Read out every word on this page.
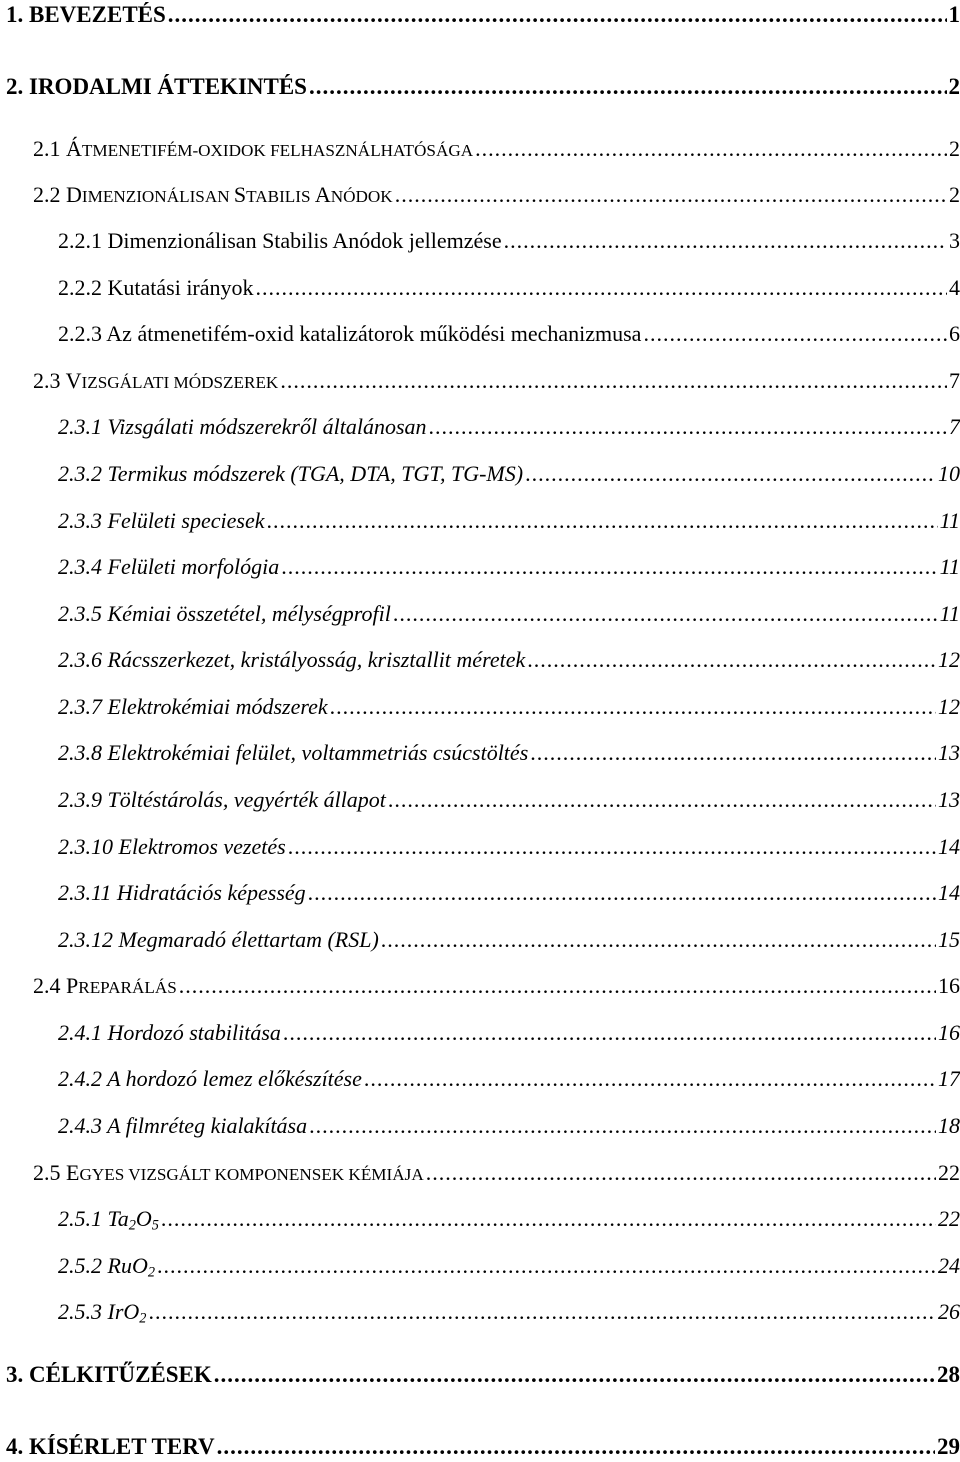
1. BEVEZETÉS .....	1
2. IRODALMI ÁTTEKINTÉS .....	2
2.1 ÁTMENETIFÉM-OXIDOK FELHASZNÁLHATÓSÁGA .....	2
2.2 DIMENZIONÁLISAN STABILIS ANÓDOK .....	2
2.2.1 Dimenzionálisan Stabilis Anódok jellemzése .....	3
2.2.2 Kutatási irányok .....	4
2.2.3 Az átmenetifém-oxid katalizátorok működési mechanizmusa .....	6
2.3 VIZSGÁLATI MÓDSZEREK .....	7
2.3.1 Vizsgálati módszerekről általánosan .....	7
2.3.2 Termikus módszerek (TGA, DTA, TGT, TG-MS) .....	10
2.3.3 Felületi speciesek .....	11
2.3.4 Felületi morfológia .....	11
2.3.5 Kémiai összetétel, mélységprofil .....	11
2.3.6 Rácsszerkezet, kristályosság, krisztallit méretek .....	12
2.3.7 Elektrokémiai módszerek .....	12
2.3.8 Elektrokémiai felület, voltammetriás csúcstöltés .....	13
2.3.9 Töltéstárolás, vegyérték állapot .....	13
2.3.10 Elektromos vezetés .....	14
2.3.11 Hidratációs képesség .....	14
2.3.12 Megmaradó élettartam (RSL) .....	15
2.4 PREPARÁLÁS .....	16
2.4.1 Hordozó stabilitása .....	16
2.4.2 A hordozó lemez előkészítése .....	17
2.4.3 A filmréteg kialakítása .....	18
2.5 EGYES VIZSGÁLT KOMPONENSEK KÉMIÁJA .....	22
2.5.1 $Ta_2O_5$ .....	22
2.5.2 RuO$_2$ .....	24
2.5.3 IrO$_2$ .....	26
3. CÉLKITŰZÉSEK .....	28
4. KÍSÉRLET TERV .....	29
